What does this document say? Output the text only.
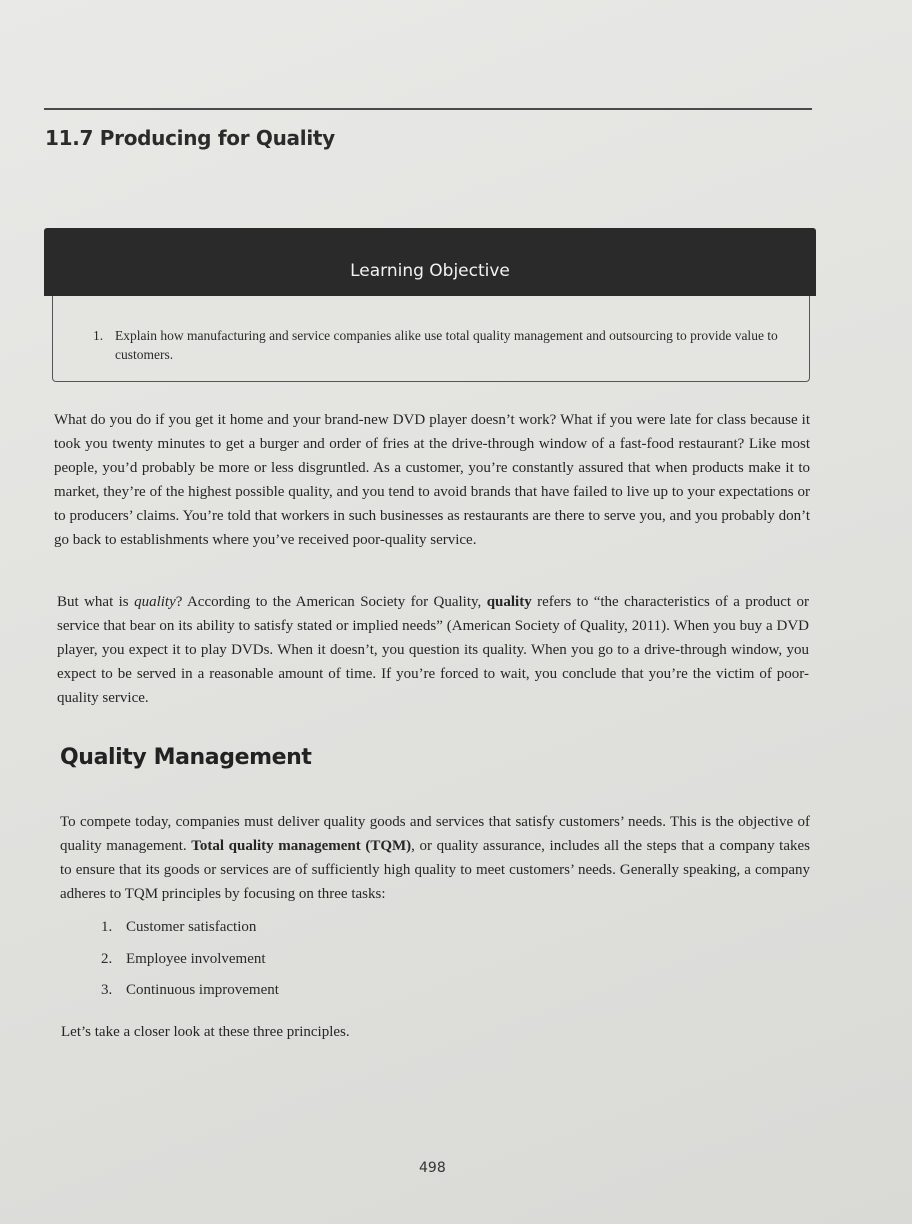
11.7 Producing for Quality
Learning Objective
1. Explain how manufacturing and service companies alike use total quality management and outsourcing to provide value to customers.

What do you do if you get it home and your brand-new DVD player doesn’t work? What if you were late for class because it took you twenty minutes to get a burger and order of fries at the drive-through window of a fast-food restaurant? Like most people, you’d probably be more or less disgruntled. As a customer, you’re constantly assured that when products make it to market, they’re of the highest possible quality, and you tend to avoid brands that have failed to live up to your expectations or to producers’ claims. You’re told that workers in such businesses as restaurants are there to serve you, and you probably don’t go back to establishments where you’ve received poor-quality service.

But what is quality? According to the American Society for Quality, quality refers to “the characteristics of a product or service that bear on its ability to satisfy stated or implied needs” (American Society of Quality, 2011). When you buy a DVD player, you expect it to play DVDs. When it doesn’t, you question its quality. When you go to a drive-through window, you expect to be served in a reasonable amount of time. If you’re forced to wait, you conclude that you’re the victim of poor-quality service.

Quality Management

To compete today, companies must deliver quality goods and services that satisfy customers’ needs. This is the objective of quality management. Total quality management (TQM), or quality assurance, includes all the steps that a company takes to ensure that its goods or services are of sufficiently high quality to meet customers’ needs. Generally speaking, a company adheres to TQM principles by focusing on three tasks:

1. Customer satisfaction
2. Employee involvement
3. Continuous improvement

Let’s take a closer look at these three principles.

498
